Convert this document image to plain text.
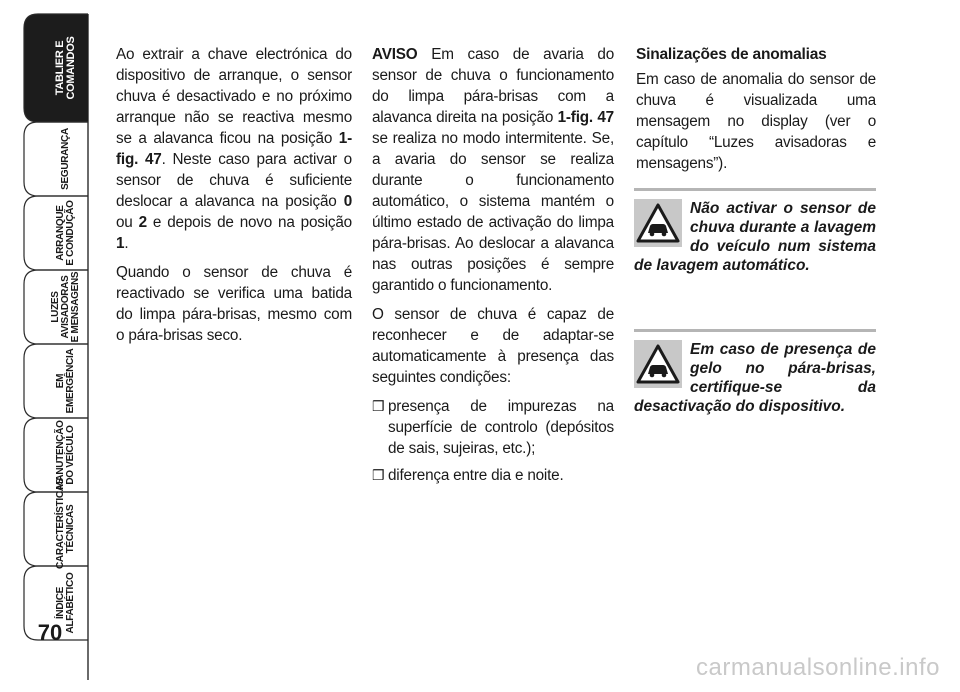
TABLIER E
COMANDOS
SEGURANÇA
ARRANQUE
E CONDUÇÃO
LUZES
AVISADORAS
E MENSAGENS
EM EMERGÊNCIA
MANUTENÇÃO
DO VEÍCULO
CARACTERÍSTICAS
TÉCNICAS
ÍNDICE
ALFABÉTICO
70

Ao extrair a chave electrónica do dispositivo de arranque, o sensor chuva é desactivado e no próximo arranque não se reactiva mesmo se a alavanca ficou na posição 1-fig. 47. Neste caso para activar o sensor de chuva é suficiente deslocar a alavanca na posição 0 ou 2 e depois de novo na posição 1.

Quando o sensor de chuva é reactivado se verifica uma batida do limpa pára-brisas, mesmo com o pára-brisas seco.

AVISO Em caso de avaria do sensor de chuva o funcionamento do limpa pára-brisas com a alavanca direita na posição 1-fig. 47 se realiza no modo intermitente. Se, a avaria do sensor se realiza durante o funcionamento automático, o sistema mantém o último estado de activação do limpa pára-brisas. Ao deslocar a alavanca nas outras posições é sempre garantido o funcionamento.

O sensor de chuva é capaz de reconhecer e de adaptar-se automaticamente à presença das seguintes condições:

❒ presença de impurezas na superfície de controlo (depósitos de sais, sujeiras, etc.);
❒ diferença entre dia e noite.
Sinalizações de anomalias

Em caso de anomalia do sensor de chuva é visualizada uma mensagem no display (ver o capítulo “Luzes avisadoras e mensagens”).

Não activar o sensor de chuva durante a lavagem do veículo num sistema de lavagem automático.
Em caso de presença de gelo no pára-brisas, certifique-se da desactivação do dispositivo.
carmanualsonline.info
